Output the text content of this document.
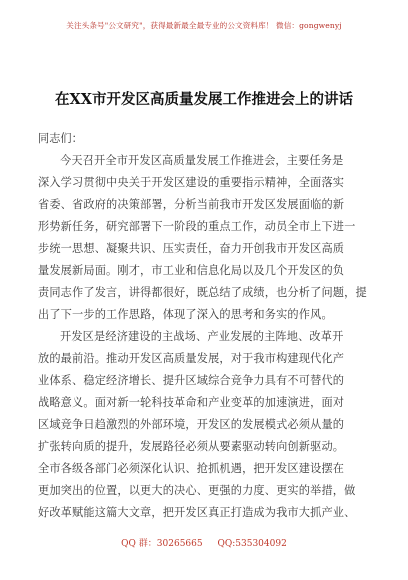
关注头条号"公文研究"，获得最新最全最专业的公文资料库！ 微信：gongwenyj
在XX市开发区高质量发展工作推进会上的讲话

同志们：

今天召开全市开发区高质量发展工作推进会，主要任务是

深入学习贯彻中央关于开发区建设的重要指示精神，全面落实

省委、省政府的决策部署，分析当前我市开发区发展面临的新

形势新任务，研究部署下一阶段的重点工作，动员全市上下进一

步统一思想、凝聚共识、压实责任，奋力开创我市开发区高质

量发展新局面。刚才，市工业和信息化局以及几个开发区的负

责同志作了发言，讲得都很好，既总结了成绩，也分析了问题，提

出了下一步的工作思路，体现了深入的思考和务实的作风。

开发区是经济建设的主战场、产业发展的主阵地、改革开

放的最前沿。推动开发区高质量发展，对于我市构建现代化产

业体系、稳定经济增长、提升区域综合竞争力具有不可替代的

战略意义。面对新一轮科技革命和产业变革的加速演进，面对

区域竞争日趋激烈的外部环境，开发区的发展模式必须从量的

扩张转向质的提升，发展路径必须从要素驱动转向创新驱动。

全市各级各部门必须深化认识、抢抓机遇，把开发区建设摆在

更加突出的位置，以更大的决心、更强的力度、更实的举措，做

好改革赋能这篇大文章，把开发区真正打造成为我市大抓产业、

QQ 群：30265665 QQ:535304092
